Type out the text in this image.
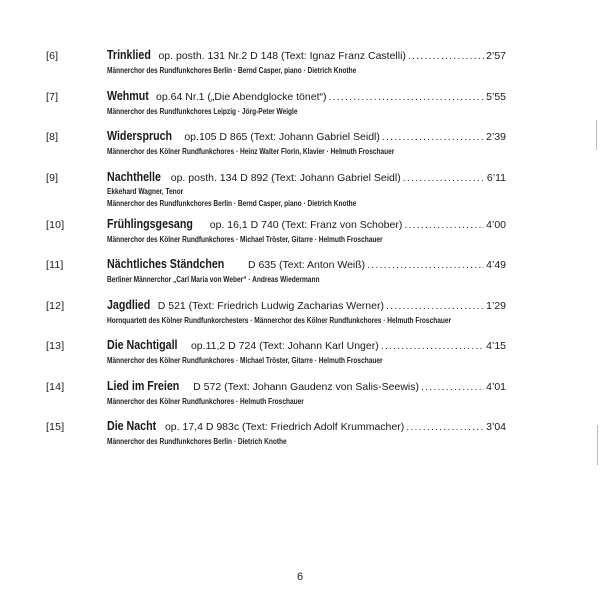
[6]	Trinklied op. posth. 131 Nr.2 D 148 (Text: Ignaz Franz Castelli) .....	2’57
Männerchor des Rundfunkchores Berlin · Bernd Casper, piano · Dietrich Knothe
[7]	Wehmut op.64 Nr.1 („Die Abendglocke tönet“) .....	5’55
Männerchor des Rundfunkchores Leipzig · Jörg-Peter Weigle
[8]	Widerspruch op.105 D 865 (Text: Johann Gabriel Seidl) .....	2’39
Männerchor des Kölner Rundfunkchores · Heinz Walter Florin, Klavier · Helmuth Froschauer
[9]	Nachthelle op. posth. 134 D 892 (Text: Johann Gabriel Seidl) .....	6’11
Ekkehard Wagner, Tenor
Männerchor des Rundfunkchores Berlin · Bernd Casper, piano · Dietrich Knothe
[10]	Frühlingsgesang op. 16,1 D 740 (Text: Franz von Schober) .....	4’00
Männerchor des Kölner Rundfunkchores · Michael Tröster, Gitarre · Helmuth Froschauer
[11]	Nächtliches Ständchen D 635 (Text: Anton Weiß) .....	4’49
Berliner Männerchor „Carl Maria von Weber“ · Andreas Wiedermann
[12]	Jagdlied D 521 (Text: Friedrich Ludwig Zacharias Werner) .....	1’29
Hornquartett des Kölner Rundfunkorchesters · Männerchor des Kölner Rundfunkchores · Helmuth Froschauer
[13]	Die Nachtigall op.11,2 D 724 (Text: Johann Karl Unger) .....	4’15
Männerchor des Kölner Rundfunkchores · Michael Tröster, Gitarre · Helmuth Froschauer
[14]	Lied im Freien D 572 (Text: Johann Gaudenz von Salis-Seewis) .....	4’01
Männerchor des Kölner Rundfunkchores · Helmuth Froschauer
[15]	Die Nacht op. 17,4 D 983c (Text: Friedrich Adolf Krummacher) .....	3’04
Männerchor des Rundfunkchores Berlin · Dietrich Knothe
6
